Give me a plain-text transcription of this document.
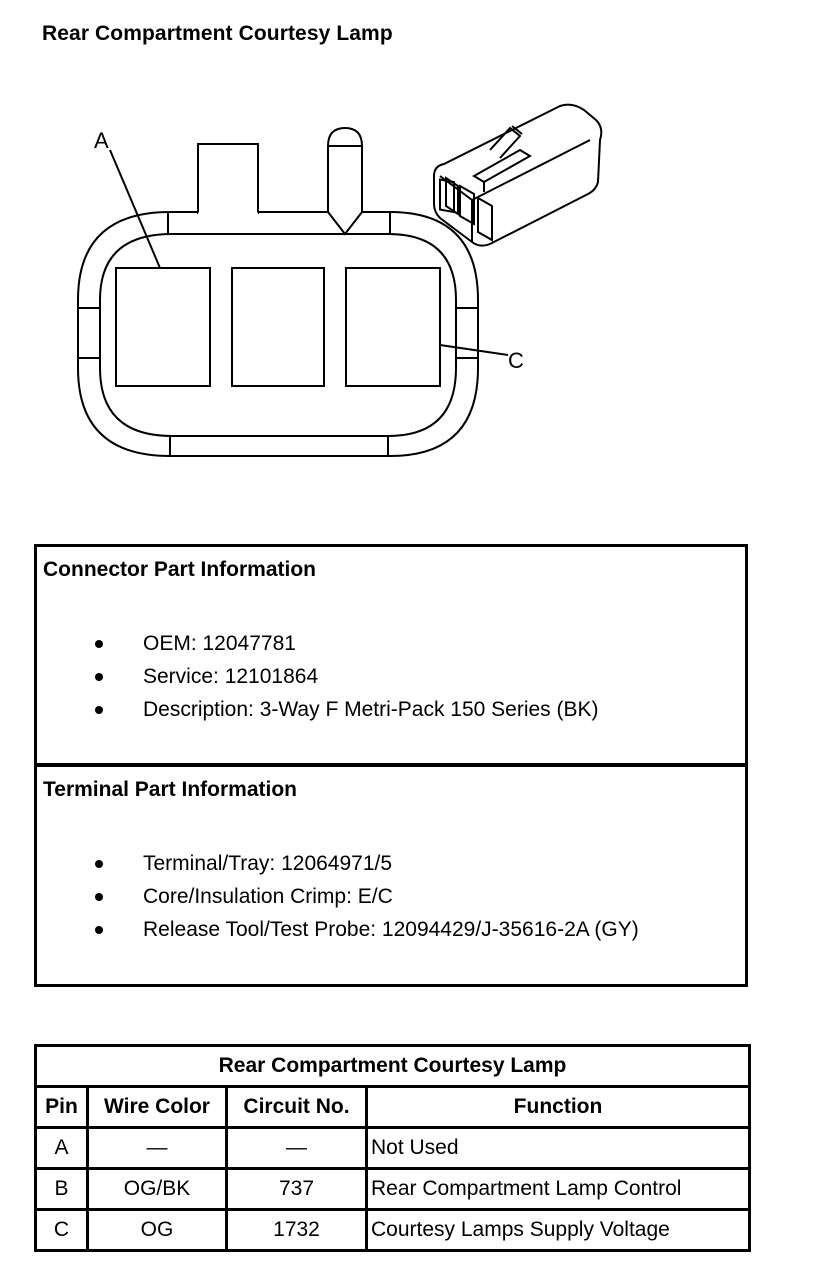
Rear Compartment Courtesy Lamp
A
C
Connector Part Information
OEM: 12047781
Service: 12101864
Description: 3-Way F Metri-Pack 150 Series (BK)
Terminal Part Information
Terminal/Tray: 12064971/5
Core/Insulation Crimp: E/C
Release Tool/Test Probe: 12094429/J-35616-2A (GY)
Rear Compartment Courtesy Lamp			
Pin	Wire Color	Circuit No.	Function
A	—	—	Not Used
B	OG/BK	737	Rear Compartment Lamp Control
C	OG	1732	Courtesy Lamps Supply Voltage
